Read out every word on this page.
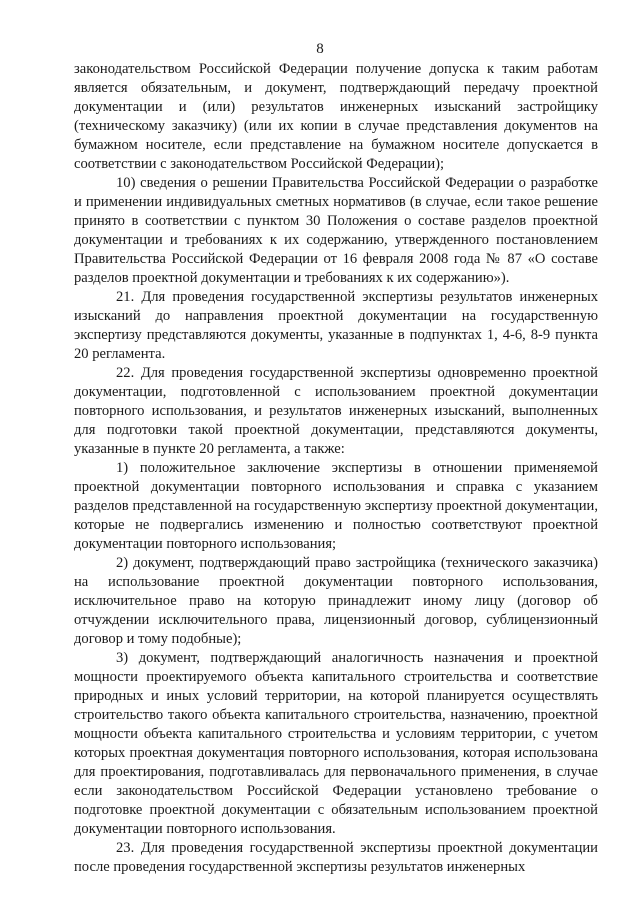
8

законодательством Российской Федерации получение допуска к таким работам является обязательным, и документ, подтверждающий передачу проектной документации и (или) результатов инженерных изысканий застройщику (техническому заказчику) (или их копии в случае представления документов на бумажном носителе, если представление на бумажном носителе допускается в соответствии с законодательством Российской Федерации);

10) сведения о решении Правительства Российской Федерации о разработке и применении индивидуальных сметных нормативов (в случае, если такое решение принято в соответствии с пунктом 30 Положения о составе разделов проектной документации и требованиях к их содержанию, утвержденного постановлением Правительства Российской Федерации от 16 февраля 2008 года № 87 «О составе разделов проектной документации и требованиях к их содержанию»).

21. Для проведения государственной экспертизы результатов инженерных изысканий до направления проектной документации на государственную экспертизу представляются документы, указанные в подпунктах 1, 4-6, 8-9 пункта 20 регламента.

22. Для проведения государственной экспертизы одновременно проектной документации, подготовленной с использованием проектной документации повторного использования, и результатов инженерных изысканий, выполненных для подготовки такой проектной документации, представляются документы, указанные в пункте 20 регламента, а также:

1) положительное заключение экспертизы в отношении применяемой проектной документации повторного использования и справка с указанием разделов представленной на государственную экспертизу проектной документации, которые не подвергались изменению и полностью соответствуют проектной документации повторного использования;

2) документ, подтверждающий право застройщика (технического заказчика) на использование проектной документации повторного использования, исключительное право на которую принадлежит иному лицу (договор об отчуждении исключительного права, лицензионный договор, сублицензионный договор и тому подобные);

3) документ, подтверждающий аналогичность назначения и проектной мощности проектируемого объекта капитального строительства и соответствие природных и иных условий территории, на которой планируется осуществлять строительство такого объекта капитального строительства, назначению, проектной мощности объекта капитального строительства и условиям территории, с учетом которых проектная документация повторного использования, которая использована для проектирования, подготавливалась для первоначального применения, в случае если законодательством Российской Федерации установлено требование о подготовке проектной документации с обязательным использованием проектной документации повторного использования.

23. Для проведения государственной экспертизы проектной документации после проведения государственной экспертизы результатов инженерных
